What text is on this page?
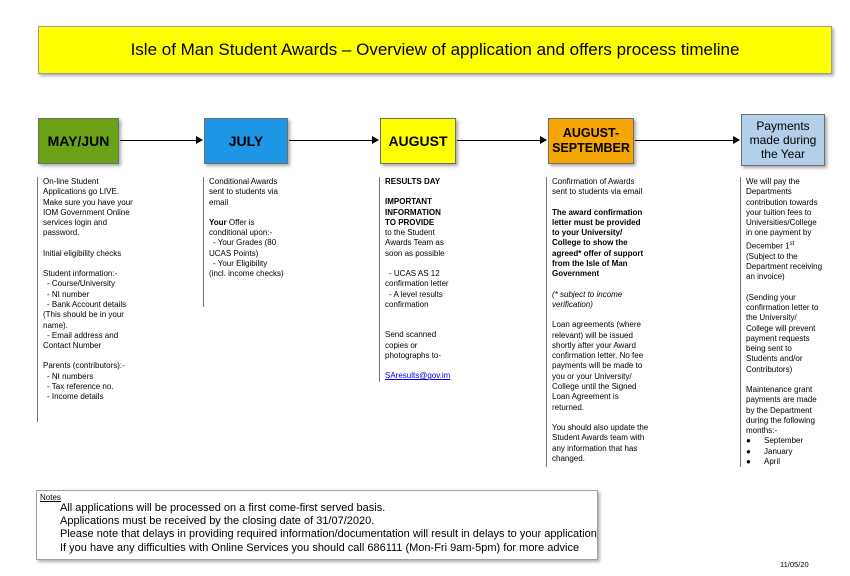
Isle of Man Student Awards – Overview of application and offers process timeline
MAY/JUN	JULY	AUGUST	AUGUST-SEPTEMBER
Payments made during the Year

On-line Student

Applications go LIVE.

Make sure you have your

IOM Government Online

services login and

password.

Initial eligibility checks

Student information:-

- Course/University

- NI number

- Bank Account details

(This should be in your

name).

- Email address and

Contact Number

Parents (contributors):-

- NI numbers

- Tax reference no.

- Income details

Conditional Awards

sent to students via

email

Your Offer is

conditional upon:-

- Your Grades (80

UCAS Points)

- Your Eligibility

(incl. income checks)

RESULTS DAY

IMPORTANT

INFORMATION

TO PROVIDE

to the Student

Awards Team as

soon as possible

- UCAS AS 12

confirmation letter

- A level results

confirmation

Send scanned

copies or

photographs to-

SAresults@gov.im

Confirmation of Awards

sent to students via email

The award confirmation

letter must be provided

to your University/

College to show the

agreed* offer of support

from the Isle of Man

Government

(* subject to income

verification)

Loan agreements (where

relevant) will be issued

shortly after your Award

confirmation letter. No fee

payments will be made to

you or your University/

College until the Signed

Loan Agreement is

returned.

You should also update the

Student Awards team with

any information that has

changed.

We will pay the

Departments

contribution towards

your tuition fees to

Universities/College

in one payment by

December 1st

(Subject to the

Department receiving

an invoice)

(Sending your

confirmation letter to

the University/

College will prevent

payment requests

being sent to

Students and/or

Contributors)

Maintenance grant

payments are made

by the Department

during the following

months:-

●	September
●	January
●	April
Notes
All applications will be processed on a first come-first served basis.
Applications must be received by the closing date of 31/07/2020.
Please note that delays in providing required information/documentation will result in delays to your application
If you have any difficulties with Online Services you should call 686111 (Mon-Fri 9am-5pm) for more advice
11/05/20
